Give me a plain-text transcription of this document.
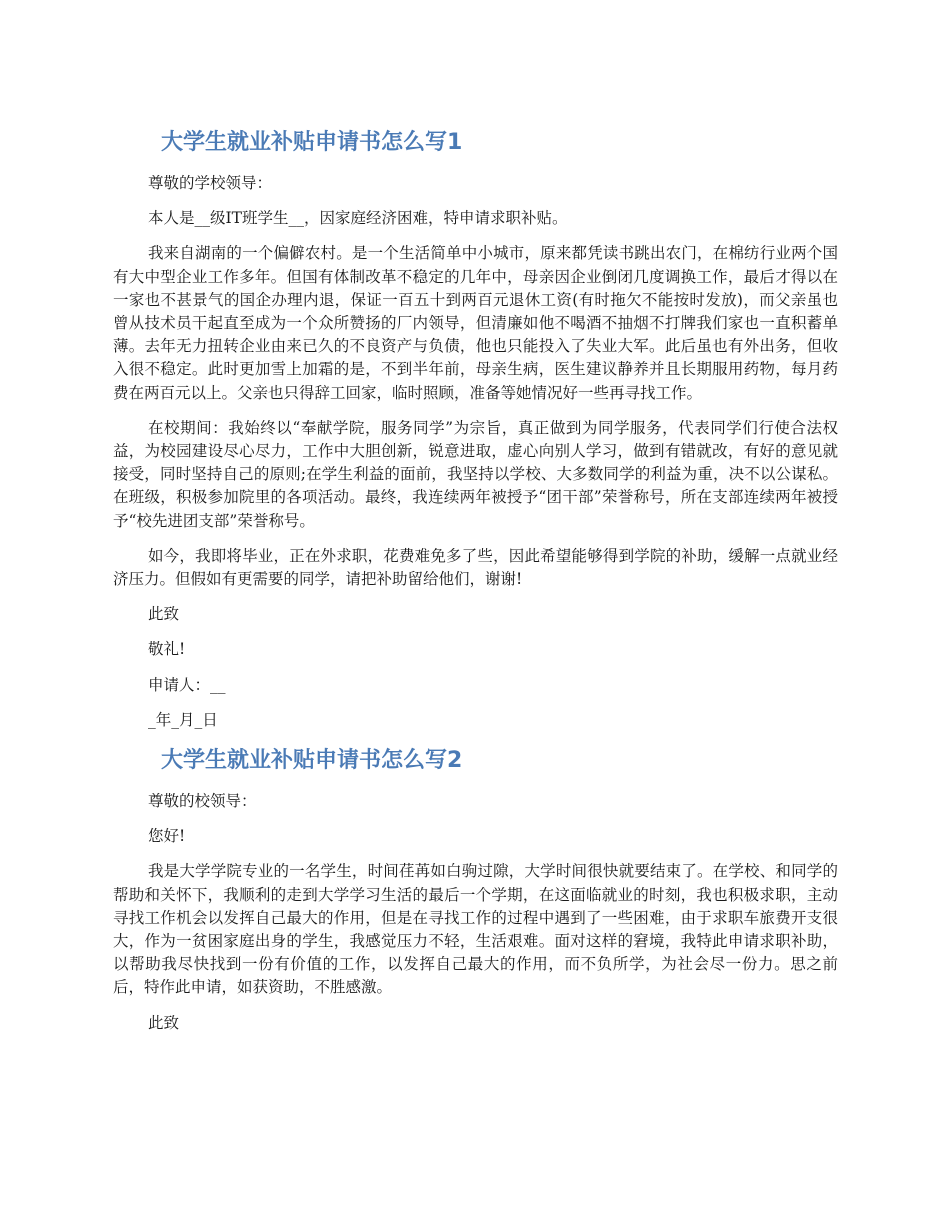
大学生就业补贴申请书怎么写1
尊敬的学校领导：
本人是__级IT班学生__，因家庭经济困难，特申请求职补贴。

我来自湖南的一个偏僻农村。是一个生活简单中小城市，原来都凭读书跳出农门，在棉纺行业两个国有大中型企业工作多年。但国有体制改革不稳定的几年中，母亲因企业倒闭几度调换工作，最后才得以在一家也不甚景气的国企办理内退，保证一百五十到两百元退休工资(有时拖欠不能按时发放)，而父亲虽也曾从技术员干起直至成为一个众所赞扬的厂内领导，但清廉如他不喝酒不抽烟不打牌我们家也一直积蓄单薄。去年无力扭转企业由来已久的不良资产与负债，他也只能投入了失业大军。此后虽也有外出务，但收入很不稳定。此时更加雪上加霜的是，不到半年前，母亲生病，医生建议静养并且长期服用药物，每月药费在两百元以上。父亲也只得辞工回家，临时照顾，准备等她情况好一些再寻找工作。

在校期间：我始终以“奉献学院，服务同学”为宗旨，真正做到为同学服务，代表同学们行使合法权益，为校园建设尽心尽力，工作中大胆创新，锐意进取，虚心向别人学习，做到有错就改，有好的意见就接受，同时坚持自己的原则;在学生利益的面前，我坚持以学校、大多数同学的利益为重，决不以公谋私。在班级，积极参加院里的各项活动。最终，我连续两年被授予“团干部”荣誉称号，所在支部连续两年被授予“校先进团支部”荣誉称号。

如今，我即将毕业，正在外求职，花费难免多了些，因此希望能够得到学院的补助，缓解一点就业经济压力。但假如有更需要的同学，请把补助留给他们，谢谢!

此致
敬礼!
申请人：__
_年_月_日
大学生就业补贴申请书怎么写2
尊敬的校领导：
您好!

我是大学学院专业的一名学生，时间荏苒如白驹过隙，大学时间很快就要结束了。在学校、和同学的帮助和关怀下，我顺利的走到大学学习生活的最后一个学期，在这面临就业的时刻，我也积极求职，主动寻找工作机会以发挥自己最大的作用，但是在寻找工作的过程中遇到了一些困难，由于求职车旅费开支很大，作为一贫困家庭出身的学生，我感觉压力不轻，生活艰难。面对这样的窘境，我特此申请求职补助，以帮助我尽快找到一份有价值的工作，以发挥自己最大的作用，而不负所学，为社会尽一份力。思之前后，特作此申请，如获资助，不胜感激。

此致
